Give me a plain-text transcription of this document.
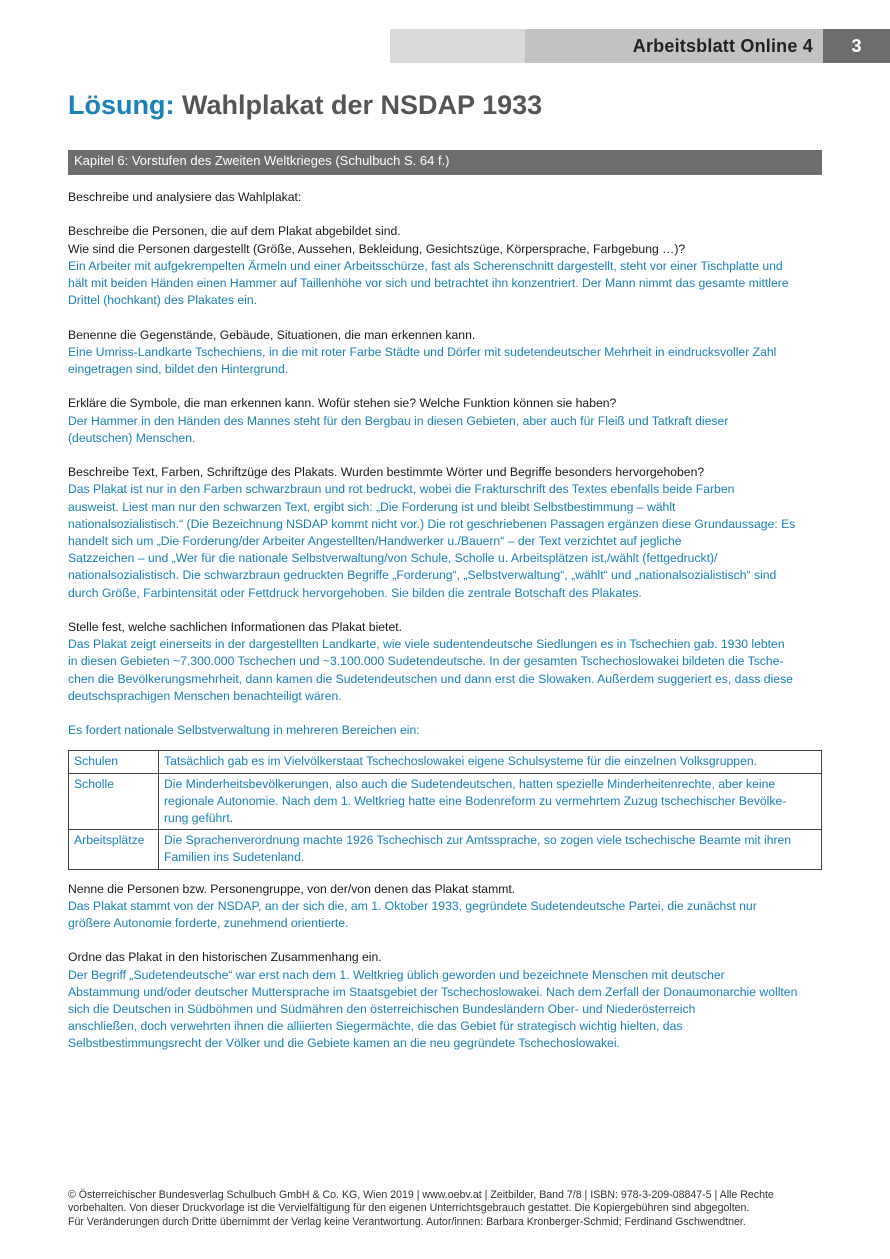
Arbeitsblatt Online 4	3
Lösung: Wahlplakat der NSDAP 1933
Kapitel 6: Vorstufen des Zweiten Weltkrieges (Schulbuch S. 64 f.)

Beschreibe und analysiere das Wahlplakat:

Beschreibe die Personen, die auf dem Plakat abgebildet sind.

Wie sind die Personen dargestellt (Größe, Aussehen, Bekleidung, Gesichtszüge, Körpersprache, Farbgebung …)?

Ein Arbeiter mit aufgekrempelten Ärmeln und einer Arbeitsschürze, fast als Scherenschnitt dargestellt, steht vor einer Tischplatte und

hält mit beiden Händen einen Hammer auf Taillenhöhe vor sich und betrachtet ihn konzentriert. Der Mann nimmt das gesamte mittlere

Drittel (hochkant) des Plakates ein.

Benenne die Gegenstände, Gebäude, Situationen, die man erkennen kann.

Eine Umriss-Landkarte Tschechiens, in die mit roter Farbe Städte und Dörfer mit sudetendeutscher Mehrheit in eindrucksvoller Zahl

eingetragen sind, bildet den Hintergrund.

Erkläre die Symbole, die man erkennen kann. Wofür stehen sie? Welche Funktion können sie haben?

Der Hammer in den Händen des Mannes steht für den Bergbau in diesen Gebieten, aber auch für Fleiß und Tatkraft dieser

(deutschen) Menschen.

Beschreibe Text, Farben, Schriftzüge des Plakats. Wurden bestimmte Wörter und Begriffe besonders hervorgehoben?

Das Plakat ist nur in den Farben schwarzbraun und rot bedruckt, wobei die Frakturschrift des Textes ebenfalls beide Farben

ausweist. Liest man nur den schwarzen Text, ergibt sich: „Die Forderung ist und bleibt Selbstbestimmung – wählt

nationalsozialistisch.“ (Die Bezeichnung NSDAP kommt nicht vor.) Die rot geschriebenen Passagen ergänzen diese Grundaussage: Es

handelt sich um „Die Forderung/der Arbeiter Angestellten/Handwerker u./Bauern“ – der Text verzichtet auf jegliche

Satzzeichen – und „Wer für die nationale Selbstverwaltung/von Schule, Scholle u. Arbeitsplätzen ist,/wählt (fettgedruckt)/

nationalsozialistisch. Die schwarzbraun gedruckten Begriffe „Forderung“, „Selbstverwaltung“, „wählt“ und „nationalsozialistisch“ sind

durch Größe, Farbintensität oder Fettdruck hervorgehoben. Sie bilden die zentrale Botschaft des Plakates.

Stelle fest, welche sachlichen Informationen das Plakat bietet.

Das Plakat zeigt einerseits in der dargestellten Landkarte, wie viele sudentendeutsche Siedlungen es in Tschechien gab. 1930 lebten

in diesen Gebieten ~7.300.000 Tschechen und ~3.100.000 Sudetendeutsche. In der gesamten Tschechoslowakei bildeten die Tsche-

chen die Bevölkerungsmehrheit, dann kamen die Sudetendeutschen und dann erst die Slowaken. Außerdem suggeriert es, dass diese

deutschsprachigen Menschen benachteiligt wären.

Es fordert nationale Selbstverwaltung in mehreren Bereichen ein:

Schulen	Tatsächlich gab es im Vielvölkerstaat Tschechoslowakei eigene Schulsysteme für die einzelnen Volksgruppen.

Scholle	Die Minderheitsbevölkerungen, also auch die Sudetendeutschen, hatten spezielle Minderheitenrechte, aber keine
regionale Autonomie. Nach dem 1. Weltkrieg hatte eine Bodenreform zu vermehrtem Zuzug tschechischer Bevölke-
rung geführt.

Arbeitsplätze	Die Sprachenverordnung machte 1926 Tschechisch zur Amtssprache, so zogen viele tschechische Beamte mit ihren
Familien ins Sudetenland.

Nenne die Personen bzw. Personengruppe, von der/von denen das Plakat stammt.

Das Plakat stammt von der NSDAP, an der sich die, am 1. Oktober 1933, gegründete Sudetendeutsche Partei, die zunächst nur

größere Autonomie forderte, zunehmend orientierte.

Ordne das Plakat in den historischen Zusammenhang ein.

Der Begriff „Sudetendeutsche“ war erst nach dem 1. Weltkrieg üblich geworden und bezeichnete Menschen mit deutscher

Abstammung und/oder deutscher Muttersprache im Staatsgebiet der Tschechoslowakei. Nach dem Zerfall der Donaumonarchie wollten

sich die Deutschen in Südböhmen und Südmähren den österreichischen Bundesländern Ober- und Niederösterreich

anschließen, doch verwehrten ihnen die alliierten Siegermächte, die das Gebiet für strategisch wichtig hielten, das

Selbstbestimmungsrecht der Völker und die Gebiete kamen an die neu gegründete Tschechoslowakei.

© Österreichischer Bundesverlag Schulbuch GmbH & Co. KG, Wien 2019 | www.oebv.at | Zeitbilder, Band 7/8 | ISBN: 978-3-209-08847-5 | Alle Rechte
vorbehalten. Von dieser Druckvorlage ist die Vervielfältigung für den eigenen Unterrichtsgebrauch gestattet. Die Kopiergebühren sind abgegolten.
Für Veränderungen durch Dritte übernimmt der Verlag keine Verantwortung. Autor/innen: Barbara Kronberger-Schmid; Ferdinand Gschwendtner.
